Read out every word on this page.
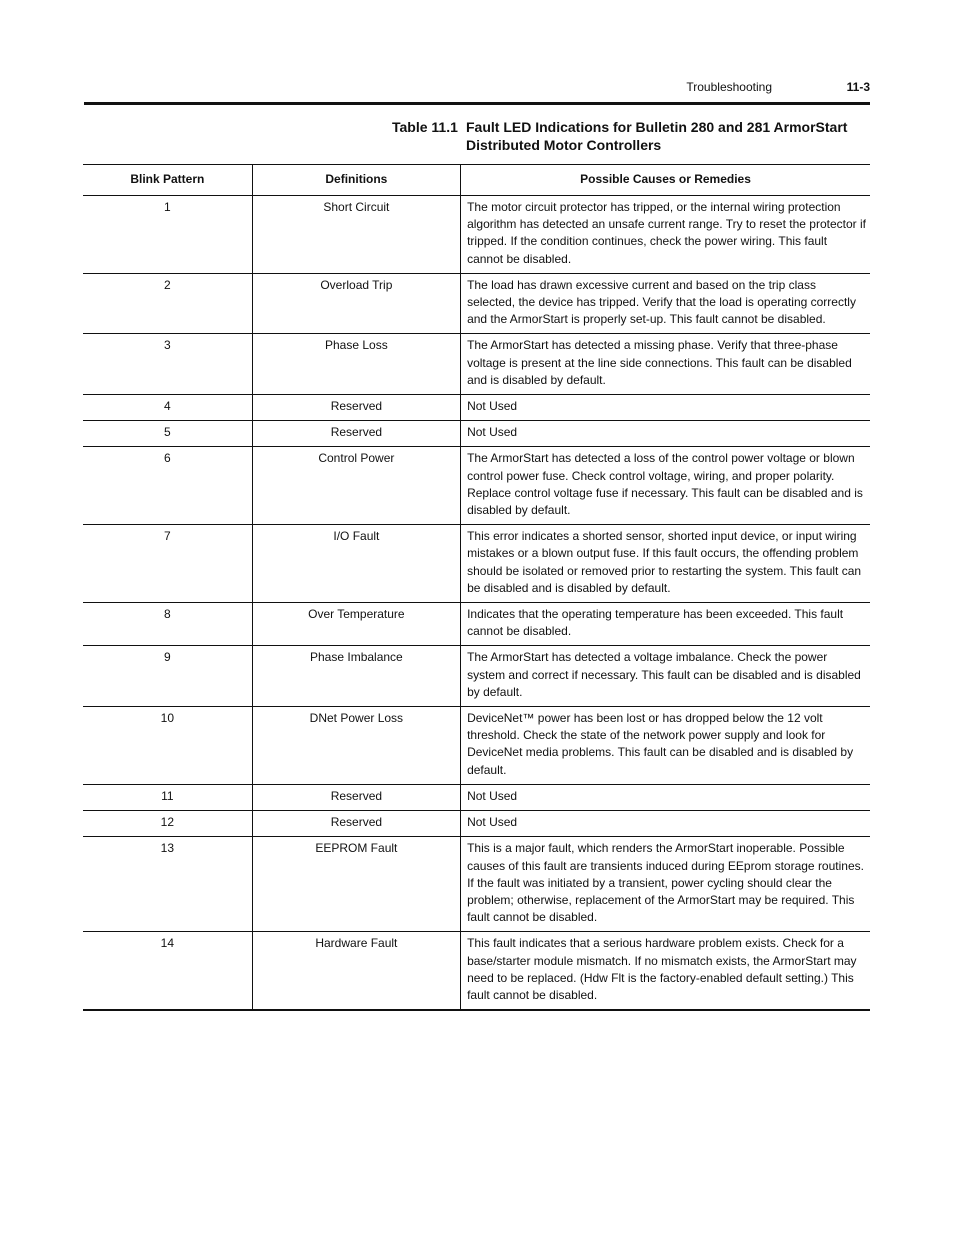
Troubleshooting	11-3
Table 11.1 Fault LED Indications for Bulletin 280 and 281 ArmorStart Distributed Motor Controllers
Blink Pattern	Definitions	Possible Causes or Remedies
1	Short Circuit	The motor circuit protector has tripped, or the internal wiring protection algorithm has detected an unsafe current range. Try to reset the protector if tripped. If the condition continues, check the power wiring. This fault cannot be disabled.
2	Overload Trip	The load has drawn excessive current and based on the trip class selected, the device has tripped. Verify that the load is operating correctly and the ArmorStart is properly set-up. This fault cannot be disabled.
3	Phase Loss	The ArmorStart has detected a missing phase. Verify that three-phase voltage is present at the line side connections. This fault can be disabled and is disabled by default.
4	Reserved	Not Used
5	Reserved	Not Used
6	Control Power	The ArmorStart has detected a loss of the control power voltage or blown control power fuse. Check control voltage, wiring, and proper polarity. Replace control voltage fuse if necessary. This fault can be disabled and is disabled by default.
7	I/O Fault	This error indicates a shorted sensor, shorted input device, or input wiring mistakes or a blown output fuse. If this fault occurs, the offending problem should be isolated or removed prior to restarting the system. This fault can be disabled and is disabled by default.
8	Over Temperature	Indicates that the operating temperature has been exceeded. This fault cannot be disabled.
9	Phase Imbalance	The ArmorStart has detected a voltage imbalance. Check the power system and correct if necessary. This fault can be disabled and is disabled by default.
10	DNet Power Loss	DeviceNet™ power has been lost or has dropped below the 12 volt threshold. Check the state of the network power supply and look for DeviceNet media problems. This fault can be disabled and is disabled by default.
11	Reserved	Not Used
12	Reserved	Not Used
13	EEPROM Fault	This is a major fault, which renders the ArmorStart inoperable. Possible causes of this fault are transients induced during EEprom storage routines. If the fault was initiated by a transient, power cycling should clear the problem; otherwise, replacement of the ArmorStart may be required. This fault cannot be disabled.
14	Hardware Fault	This fault indicates that a serious hardware problem exists. Check for a base/starter module mismatch. If no mismatch exists, the ArmorStart may need to be replaced. (Hdw Flt is the factory-enabled default setting.) This fault cannot be disabled.
